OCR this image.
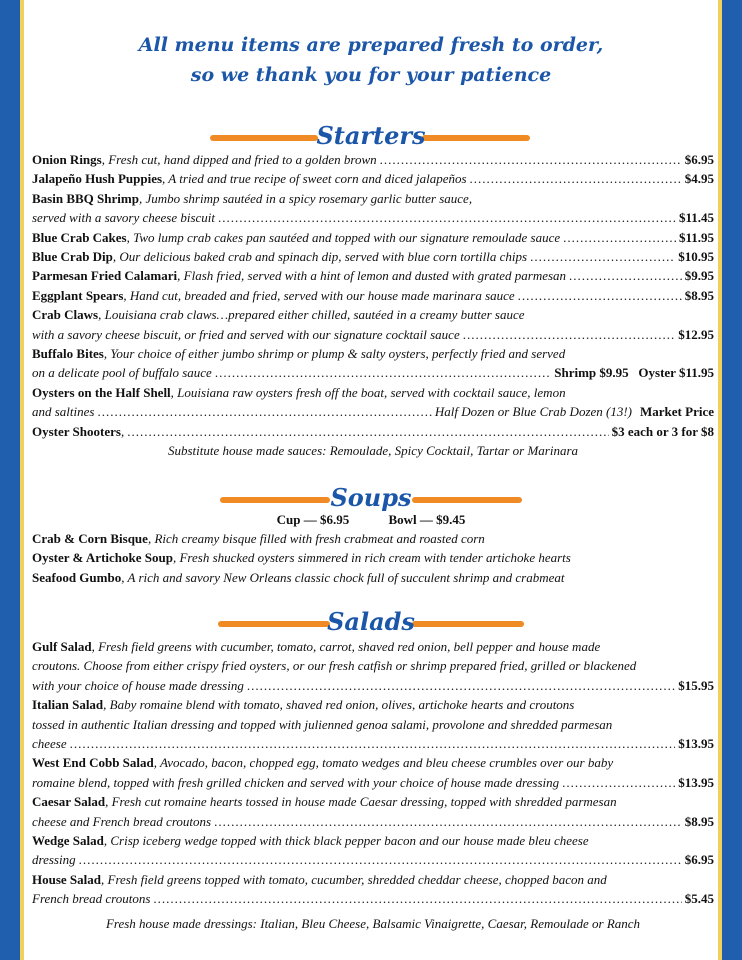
All menu items are prepared fresh to order,
so we thank you for your patience
Starters
Onion Rings , Fresh cut, hand dipped and fried to a golden brown .....	$6.95
Jalapeño Hush Puppies , A tried and true recipe of sweet corn and diced jalapeños .....	$4.95
Basin BBQ Shrimp , Jumbo shrimp sautéed in a spicy rosemary garlic butter sauce,
served with a savory cheese biscuit .....	$11.45
Blue Crab Cakes , Two lump crab cakes pan sautéed and topped with our signature remoulade sauce .....	$11.95
Blue Crab Dip , Our delicious baked crab and spinach dip, served with blue corn tortilla chips .....	$10.95
Parmesan Fried Calamari , Flash fried, served with a hint of lemon and dusted with grated parmesan .....	$9.95
Eggplant Spears , Hand cut, breaded and fried, served with our house made marinara sauce .....	$8.95
Crab Claws , Louisiana crab claws…prepared either chilled, sautéed in a creamy butter sauce
with a savory cheese biscuit, or fried and served with our signature cocktail sauce .....	$12.95
Buffalo Bites , Your choice of either jumbo shrimp or plump & salty oysters, perfectly fried and served
on a delicate pool of buffalo sauce .....	Shrimp $9.95   Oyster $11.95
Oysters on the Half Shell , Louisiana raw oysters fresh off the boat, served with cocktail sauce, lemon
and saltines .....	Half Dozen or Blue Crab Dozen (13!) Market Price
Oyster Shooters , .....	$3 each or 3 for $8
Substitute house made sauces: Remoulade, Spicy Cocktail, Tartar or Marinara
Soups
Cup — $6.95	Bowl — $9.45
Crab & Corn Bisque , Rich creamy bisque filled with fresh crabmeat and roasted corn
Oyster & Artichoke Soup , Fresh shucked oysters simmered in rich cream with tender artichoke hearts
Seafood Gumbo , A rich and savory New Orleans classic chock full of succulent shrimp and crabmeat
Salads
Gulf Salad , Fresh field greens with cucumber, tomato, carrot, shaved red onion, bell pepper and house made
croutons. Choose from either crispy fried oysters, or our fresh catfish or shrimp prepared fried, grilled or blackened
with your choice of house made dressing .....	$15.95
Italian Salad , Baby romaine blend with tomato, shaved red onion, olives, artichoke hearts and croutons
tossed in authentic Italian dressing and topped with julienned genoa salami, provolone and shredded parmesan
cheese .....	$13.95
West End Cobb Salad , Avocado, bacon, chopped egg, tomato wedges and bleu cheese crumbles over our baby
romaine blend, topped with fresh grilled chicken and served with your choice of house made dressing .....	$13.95
Caesar Salad , Fresh cut romaine hearts tossed in house made Caesar dressing, topped with shredded parmesan
cheese and French bread croutons .....	$8.95
Wedge Salad , Crisp iceberg wedge topped with thick black pepper bacon and our house made bleu cheese
dressing .....	$6.95
House Salad , Fresh field greens topped with tomato, cucumber, shredded cheddar cheese, chopped bacon and
French bread croutons .....	$5.45
Fresh house made dressings: Italian, Bleu Cheese, Balsamic Vinaigrette, Caesar, Remoulade or Ranch
